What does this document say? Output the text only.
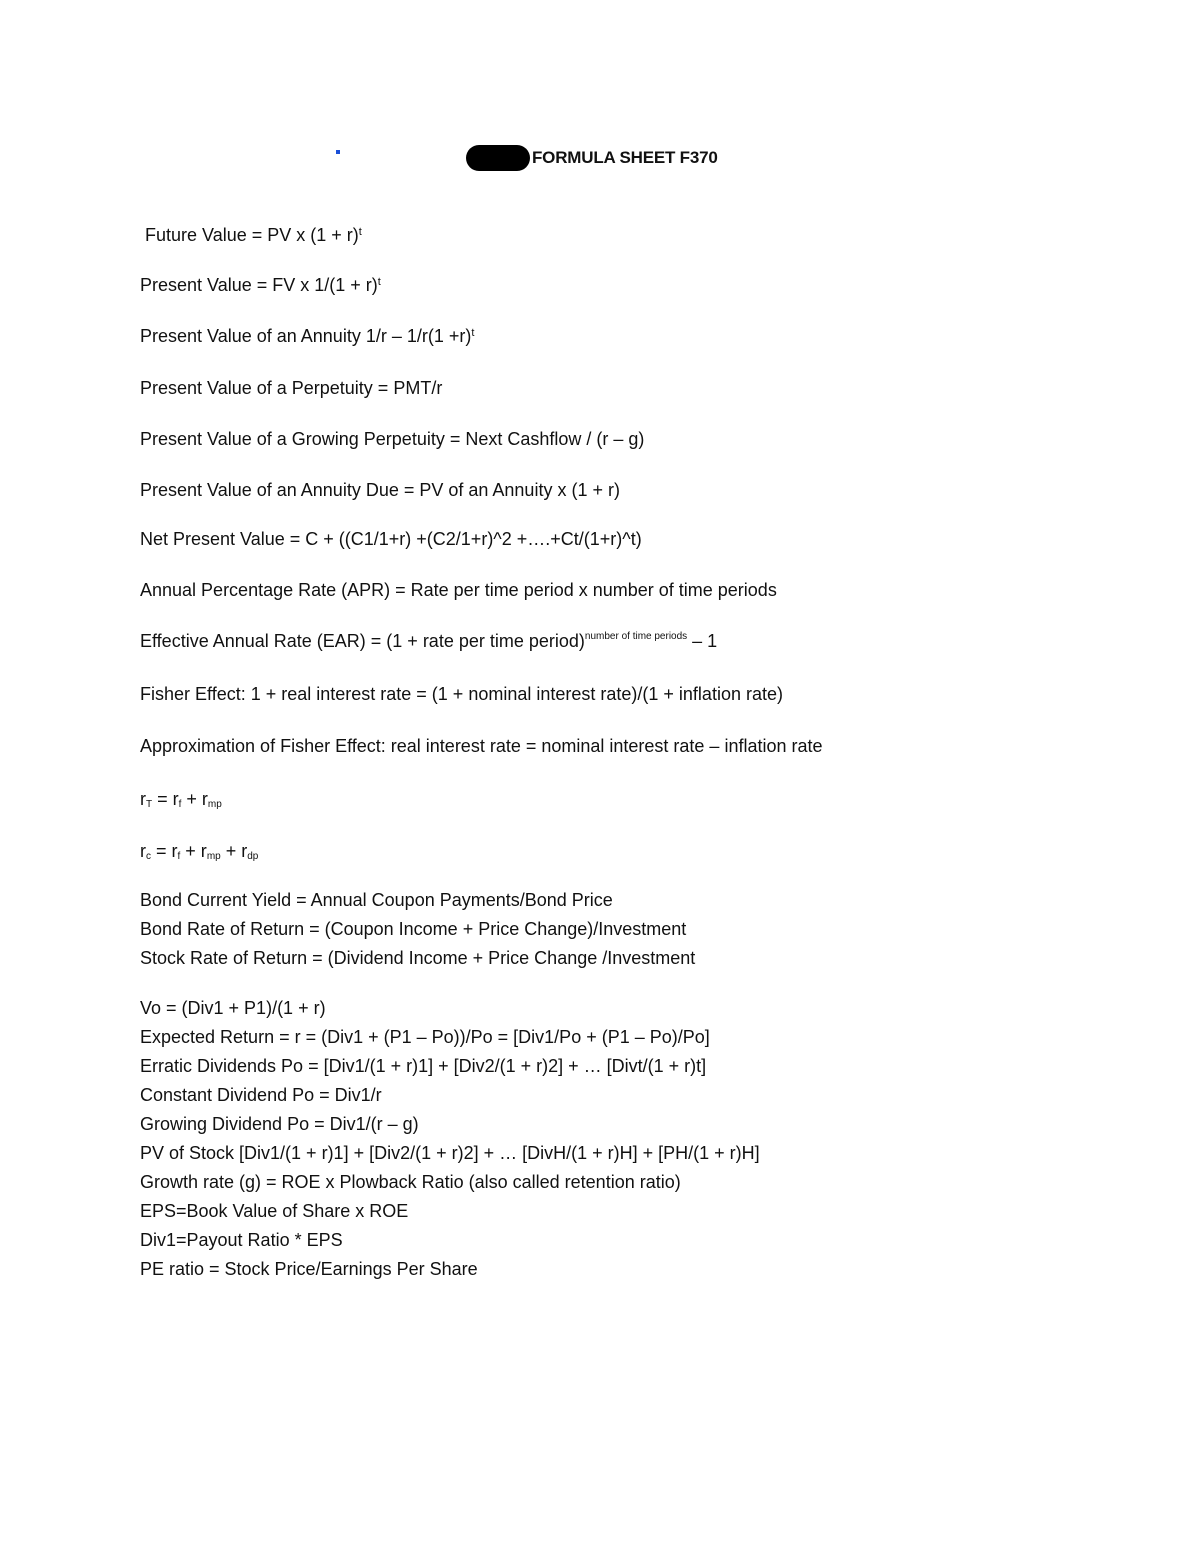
FORMULA SHEET F370
Future Value = PV x $(1 + r)^t$
Present Value = FV x $1/(1 + r)^t$
Present Value of an Annuity $1/r - 1/r(1 +r)^t$
Present Value of a Perpetuity = PMT/r
Present Value of a Growing Perpetuity = Next Cashflow / (r – g)
Present Value of an Annuity Due = PV of an Annuity x (1 + r)
Net Present Value = C + ((C1/1+r) +(C2/1+r)^2 +….+Ct/(1+r)^t)
Annual Percentage Rate (APR) = Rate per time period x number of time periods
Effective Annual Rate (EAR) = (1 + rate per time period)$^{number of time periods}$ – 1
Fisher Effect: 1 + real interest rate = (1 + nominal interest rate)/(1 + inflation rate)
Approximation of Fisher Effect: real interest rate = nominal interest rate – inflation rate
$r_T = r_f + r_{mp}$
$r_c = r_f + r_{mp} + r_{dp}$
Bond Current Yield = Annual Coupon Payments/Bond Price
Bond Rate of Return = (Coupon Income + Price Change)/Investment
Stock Rate of Return = (Dividend Income + Price Change /Investment
Vo = (Div1 + P1)/(1 + r)
Expected Return = r = (Div1 + (P1 – Po))/Po = [Div1/Po + (P1 – Po)/Po]
Erratic Dividends Po = [Div1/(1 + r)1] + [Div2/(1 + r)2] + … [Divt/(1 + r)t]
Constant Dividend Po = Div1/r
Growing Dividend Po = Div1/(r – g)
PV of Stock [Div1/(1 + r)1] + [Div2/(1 + r)2] + … [DivH/(1 + r)H] + [PH/(1 + r)H]
Growth rate (g) = ROE x Plowback Ratio (also called retention ratio)
EPS=Book Value of Share x ROE
Div1=Payout Ratio * EPS
PE ratio = Stock Price/Earnings Per Share
